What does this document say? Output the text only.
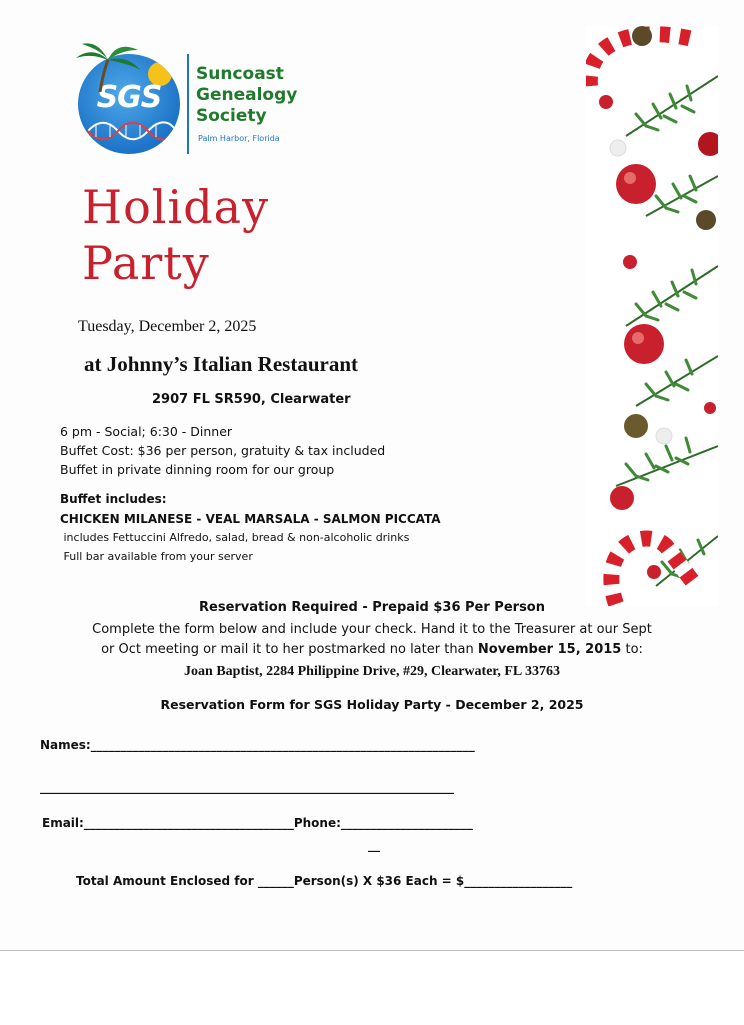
SGS
Suncoast
Genealogy
Society
Palm Harbor, Florida
Holiday
Party
Tuesday, December 2, 2025
at Johnny’s Italian Restaurant
2907 FL SR590, Clearwater
6 pm - Social; 6:30 - Dinner
Buffet Cost: $36 per person, gratuity & tax included
Buffet in private dinning room for our group
Buffet includes:
CHICKEN MILANESE - VEAL MARSALA - SALMON PICCATA
includes Fettuccini Alfredo, salad, bread & non-alcoholic drinks
Full bar available from your server
Reservation Required - Prepaid $36 Per Person
Complete the form below and include your check. Hand it to the Treasurer at our Sept
or Oct meeting or mail it to her postmarked no later than November 15, 2015 to:
Joan Baptist, 2284 Philippine Drive, #29, Clearwater, FL 33763
Reservation Form for SGS Holiday Party - December 2, 2025
Names:________________________________________________________________
_____________________________________________________________________
Email:___________________________________Phone:______________________
__
Total Amount Enclosed for ______Person(s) X $36 Each = $__________________
